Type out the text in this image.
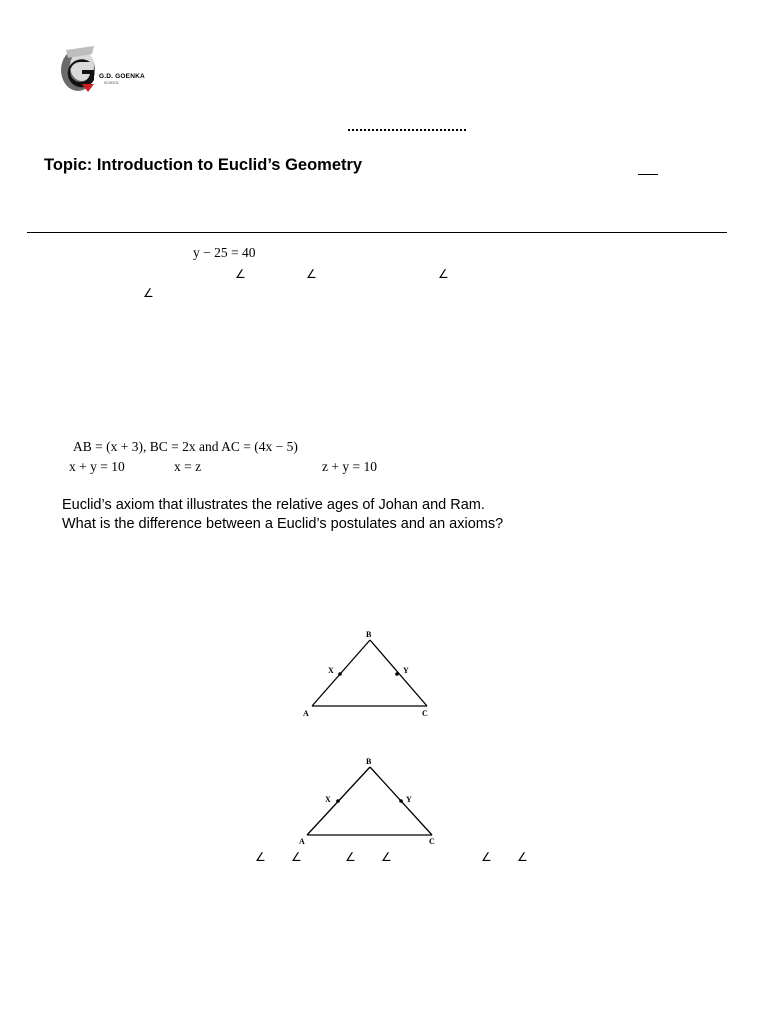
G.D. GOENKA
SCHOOL
Topic: Introduction to Euclid’s Geometry
y − 25 = 40
∠	∠	∠
∠
AB = (x + 3), BC = 2x and AC = (4x − 5)
x + y = 10	x = z	z + y = 10
Euclid’s axiom that illustrates the relative ages of Johan and Ram.
What is the difference between a Euclid’s postulates and an axioms?
B
A	C
X	Y
B
A	C
X	Y
∠ ∠	∠ ∠	∠ ∠
